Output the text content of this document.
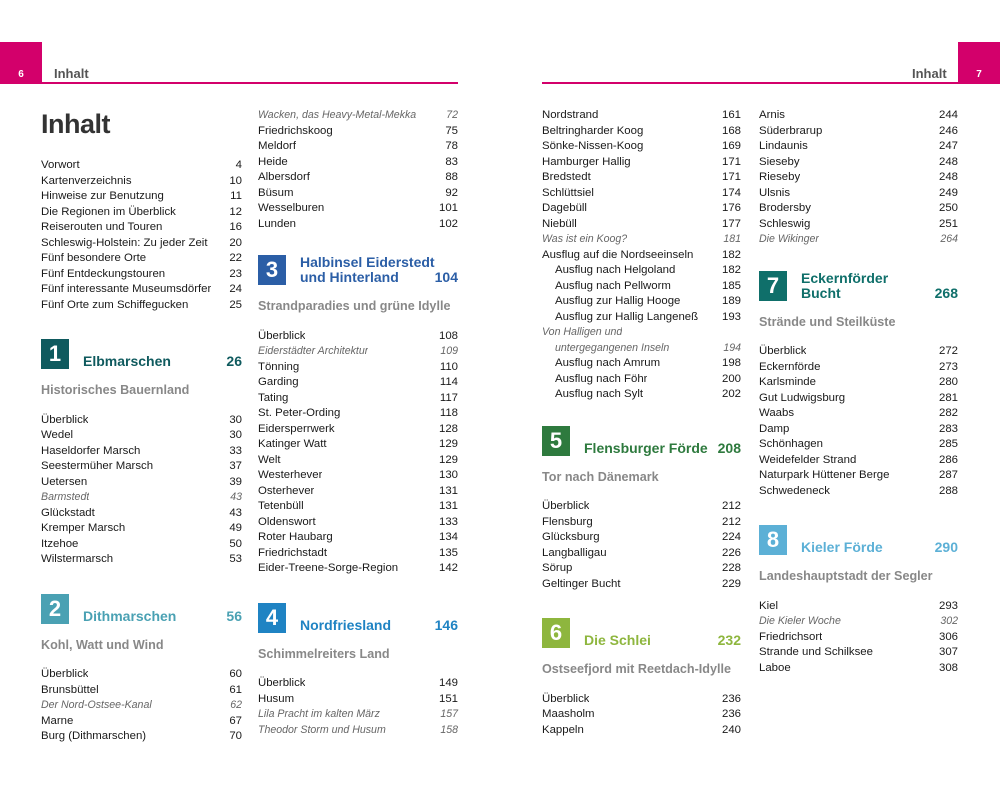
6	Inhalt	7
Inhalt
Inhalt
Vorwort	4
Kartenverzeichnis	10
Hinweise zur Benutzung	11
Die Regionen im Überblick	12
Reiserouten und Touren	16
Schleswig-Holstein: Zu jeder Zeit	20
Fünf besondere Orte	22
Fünf Entdeckungstouren	23
Fünf interessante Museumsdörfer	24
Fünf Orte zum Schiffegucken	25
1	Elbmarschen	26
Historisches Bauernland
Überblick	30
Wedel	30
Haseldorfer Marsch	33
Seestermüher Marsch	37
Uetersen	39
Barmstedt	43
Glückstadt	43
Kremper Marsch	49
Itzehoe	50
Wilstermarsch	53
2	Dithmarschen	56
Kohl, Watt und Wind
Überblick	60
Brunsbüttel	61
Der Nord-Ostsee-Kanal	62
Marne	67
Burg (Dithmarschen)	70
Wacken, das Heavy-Metal-Mekka	72
Friedrichskoog	75
Meldorf	78
Heide	83
Albersdorf	88
Büsum	92
Wesselburen	101
Lunden	102
3	Halbinsel Eiderstedt
und Hinterland	104
Strandparadies und grüne Idylle
Überblick	108
Eiderstädter Architektur	109
Tönning	110
Garding	114
Tating	117
St. Peter-Ording	118
Eidersperrwerk	128
Katinger Watt	129
Welt	129
Westerhever	130
Osterhever	131
Tetenbüll	131
Oldenswort	133
Roter Haubarg	134
Friedrichstadt	135
Eider-Treene-Sorge-Region	142
4	Nordfriesland	146
Schimmelreiters Land
Überblick	149
Husum	151
Lila Pracht im kalten März	157
Theodor Storm und Husum	158
Nordstrand	161
Beltringharder Koog	168
Sönke-Nissen-Koog	169
Hamburger Hallig	171
Bredstedt	171
Schlüttsiel	174
Dagebüll	176
Niebüll	177
Was ist ein Koog?	181
Ausflug auf die Nordseeinseln	182
Ausflug nach Helgoland	182
Ausflug nach Pellworm	185
Ausflug zur Hallig Hooge	189
Ausflug zur Hallig Langeneß	193
Von Halligen und
untergegangenen Inseln	194
Ausflug nach Amrum	198
Ausflug nach Föhr	200
Ausflug nach Sylt	202
5	Flensburger Förde 208
Tor nach Dänemark
Überblick	212
Flensburg	212
Glücksburg	224
Langballigau	226
Sörup	228
Geltinger Bucht	229
6	Die Schlei	232
Ostseefjord mit Reetdach-Idylle
Überblick	236
Maasholm	236
Kappeln	240
Arnis	244
Süderbrarup	246
Lindaunis	247
Sieseby	248
Rieseby	248
Ulsnis	249
Brodersby	250
Schleswig	251
Die Wikinger	264
7	Eckernförder
Bucht	268
Strände und Steilküste
Überblick	272
Eckernförde	273
Karlsminde	280
Gut Ludwigsburg	281
Waabs	282
Damp	283
Schönhagen	285
Weidefelder Strand	286
Naturpark Hüttener Berge	287
Schwedeneck	288
8	Kieler Förde	290
Landeshauptstadt der Segler
Kiel	293
Die Kieler Woche	302
Friedrichsort	306
Strande und Schilksee	307
Laboe	308
